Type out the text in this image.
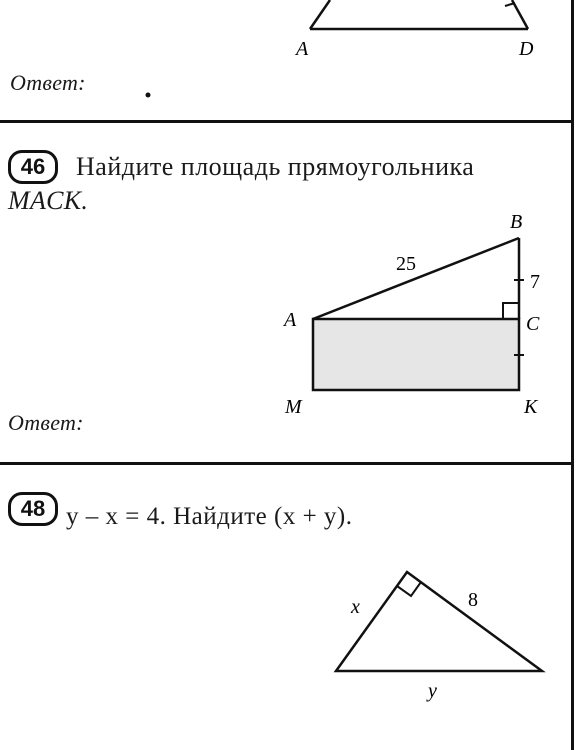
A	D
Ответ:
46 Найдите площадь прямоугольника
MACK.
B
A	C
M	K
25
7
Ответ:
48 y – x = 4. Найдите (x + y).
x	8
y
